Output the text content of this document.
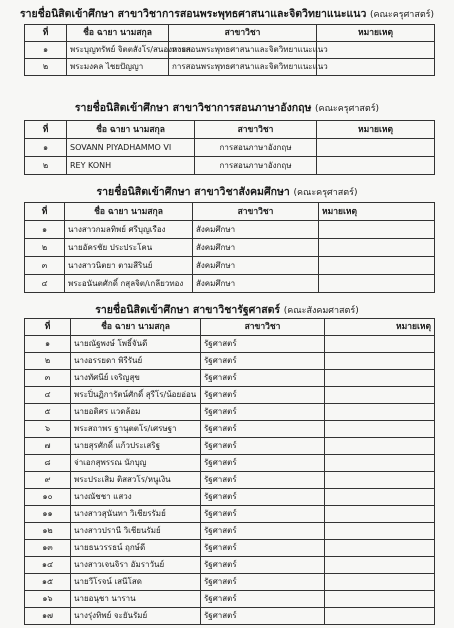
รายชื่อนิสิตเข้าศึกษา สาขาวิชาการสอนพระพุทธศาสนาและจิตวิทยาแนะแนว (คณะครุศาสตร์)
ที่	ชื่อ ฉายา นามสกุล	สาขาวิชา	หมายเหตุ
๑	พระบุญทรัพย์ จิตตสังโร/สนองหงอก	การสอนพระพุทธศาสนาและจิตวิทยาแนะแนว	
๒	พระมงคล ไชยปัญญา	การสอนพระพุทธศาสนาและจิตวิทยาแนะแนว	
รายชื่อนิสิตเข้าศึกษา สาขาวิชาการสอนภาษาอังกฤษ (คณะครุศาสตร์)
ที่	ชื่อ ฉายา นามสกุล	สาขาวิชา	หมายเหตุ
๑	SOVANN PIYADHAMMO VI	การสอนภาษาอังกฤษ	
๒	REY KONH	การสอนภาษาอังกฤษ	
รายชื่อนิสิตเข้าศึกษา สาขาวิชาสังคมศึกษา (คณะครุศาสตร์)
ที่	ชื่อ ฉายา นามสกุล	สาขาวิชา	หมายเหตุ
๑	นางสาวกมลทิพย์ ศรีบุญเรือง	สังคมศึกษา	
๒	นายอัครชัย ประประโคน	สังคมศึกษา	
๓	นางสาวนิตยา ตามสีรินย์	สังคมศึกษา	
๔	พระอนันตศักดิ์ กสุลจิต/เกลียวทอง	สังคมศึกษา	
รายชื่อนิสิตเข้าศึกษา สาขาวิชารัฐศาสตร์ (คณะสังคมศาสตร์)
ที่	ชื่อ ฉายา นามสกุล	สาขาวิชา	หมายเหตุ
๑	นายณัฐพงษ์ โพธิ์จันดี	รัฐศาสตร์	
๒	นางอรรยดา พิรีรันย์	รัฐศาสตร์	
๓	นางทัศนีย์ เจริญสุข	รัฐศาสตร์	
๔	พระปิ่นฏิการัตน์ศักดิ์ สุรีโร/น้อยอ่อน	รัฐศาสตร์	
๕	นายอดิศร แวดล้อม	รัฐศาสตร์	
๖	พระสถาพร ฐานุตตโร/เศรษฐา	รัฐศาสตร์	
๗	นายสุรศักดิ์ แก้วประเสริฐ	รัฐศาสตร์	
๘	จ่าเอกสุพรรณ นักบุญ	รัฐศาสตร์	
๙	พระประเสิม ติสสวโร/หนูเงิน	รัฐศาสตร์	
๑๐	นางณัชชา แสวง	รัฐศาสตร์	
๑๑	นางสาวสุนันทา วิเชียรรัมย์	รัฐศาสตร์	
๑๒	นางสาวปรานี วิเชียนรัมย์	รัฐศาสตร์	
๑๓	นายธนวรรธน์ ฤกษ์ดี	รัฐศาสตร์	
๑๔	นางสาวเจนจิรา อัมราวันย์	รัฐศาสตร์	
๑๕	นายวีโรจน์ เสนีโสด	รัฐศาสตร์	
๑๖	นายอนุชา นาราน	รัฐศาสตร์	
๑๗	นางรุ่งทิพย์ จะยันรัมย์	รัฐศาสตร์	
